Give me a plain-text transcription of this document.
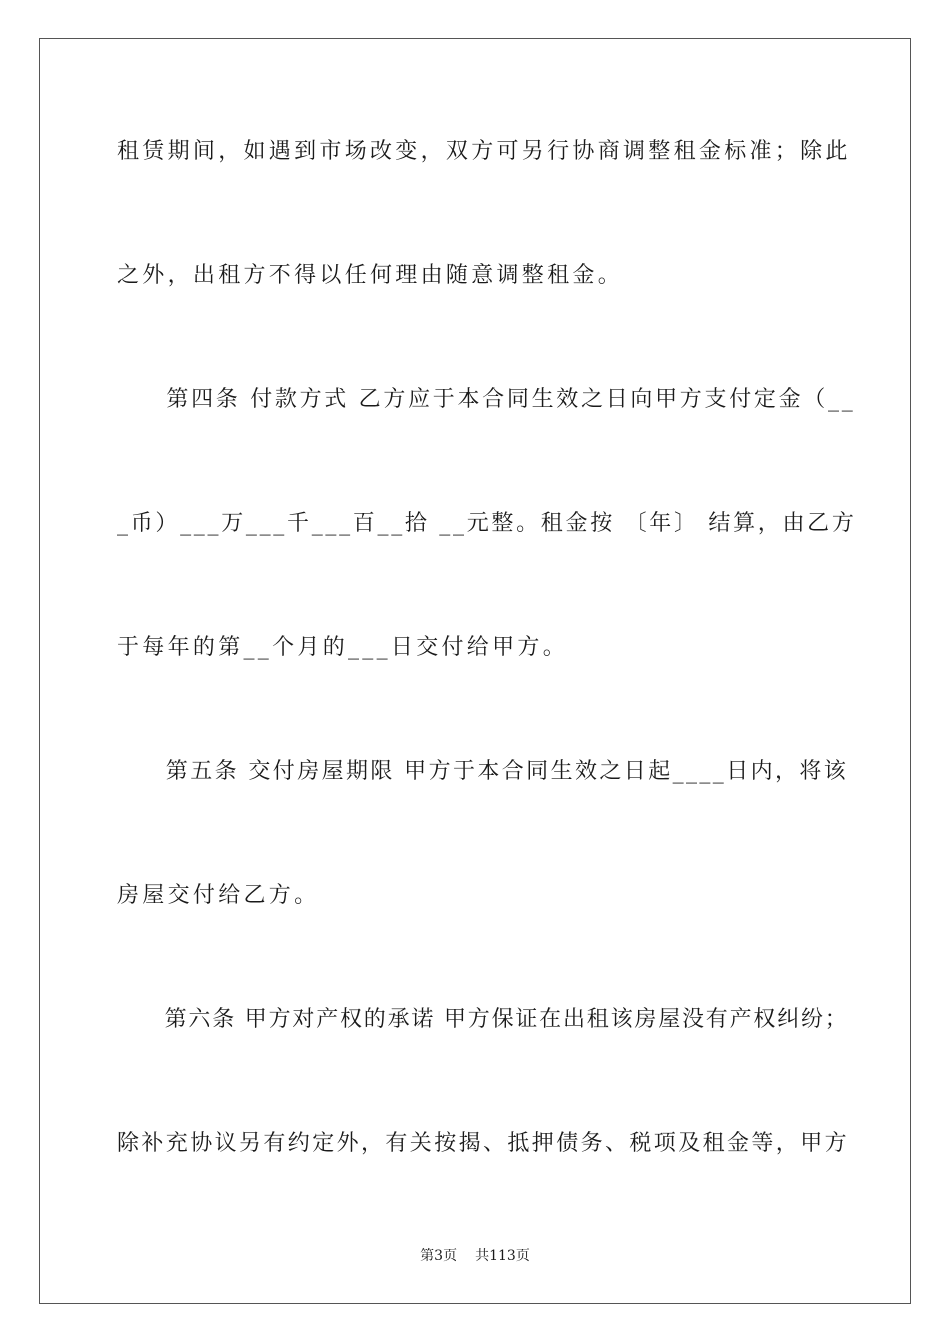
租赁期间，如遇到市场改变，双方可另行协商调整租金标准；除此
之外，出租方不得以任何理由随意调整租金。
　　第四条 付款方式 乙方应于本合同生效之日向甲方支付定金（__
_币）___万___千___百__拾 __元整。租金按 〔年〕 结算，由乙方
于每年的第__个月的___日交付给甲方。
　　第五条 交付房屋期限 甲方于本合同生效之日起____日内，将该
房屋交付给乙方。
　　第六条 甲方对产权的承诺 甲方保证在出租该房屋没有产权纠纷；
除补充协议另有约定外，有关按揭、抵押债务、税项及租金等，甲方
第3页 共113页
